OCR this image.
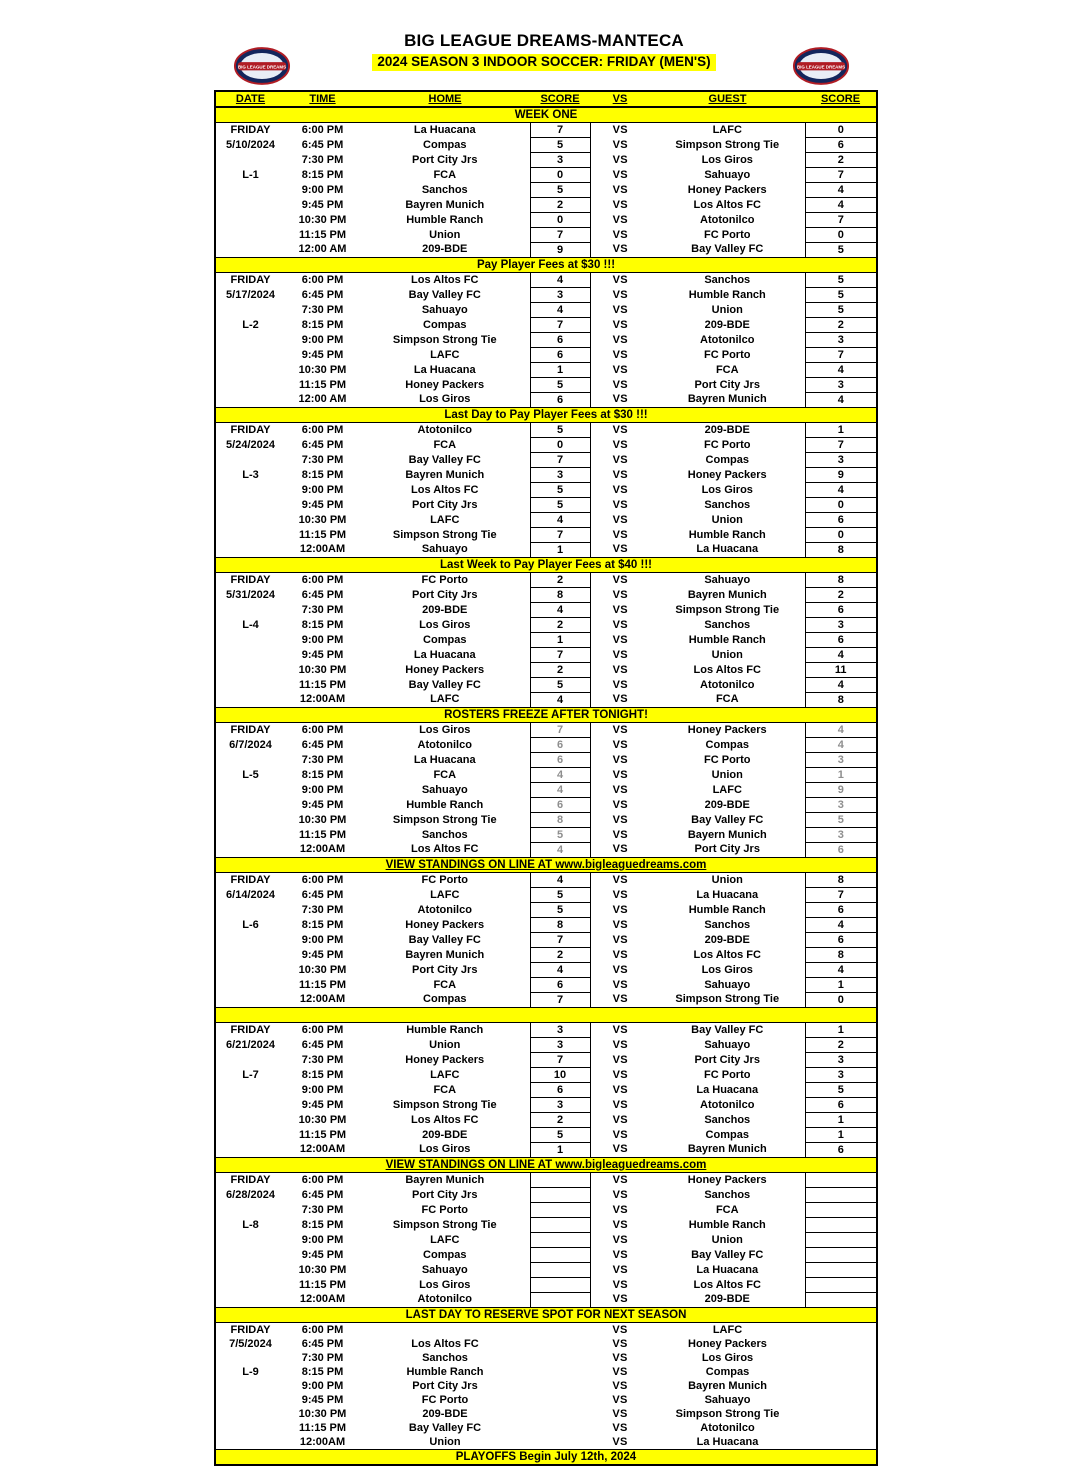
BIG LEAGUE DREAMS	BIG LEAGUE DREAMS
BIG LEAGUE DREAMS-MANTECA
2024 SEASON 3 INDOOR SOCCER: FRIDAY (MEN'S)
DATE	TIME	HOME	SCORE	VS	GUEST	SCORE
WEEK ONE						
FRIDAY	6:00 PM	La Huacana	7	VS	LAFC	0
5/10/2024	6:45 PM	Compas	5	VS	Simpson Strong Tie	6
	7:30 PM	Port City Jrs	3	VS	Los Giros	2
L-1	8:15 PM	FCA	0	VS	Sahuayo	7
	9:00 PM	Sanchos	5	VS	Honey Packers	4
	9:45 PM	Bayren Munich	2	VS	Los Altos FC	4
	10:30 PM	Humble Ranch	0	VS	Atotonilco	7
	11:15 PM	Union	7	VS	FC Porto	0
	12:00 AM	209-BDE	9	VS	Bay Valley FC	5
Pay Player Fees at $30 !!!						
FRIDAY	6:00 PM	Los Altos FC	4	VS	Sanchos	5
5/17/2024	6:45 PM	Bay Valley FC	3	VS	Humble Ranch	5
	7:30 PM	Sahuayo	4	VS	Union	5
L-2	8:15 PM	Compas	7	VS	209-BDE	2
	9:00 PM	Simpson Strong Tie	6	VS	Atotonilco	3
	9:45 PM	LAFC	6	VS	FC Porto	7
	10:30 PM	La Huacana	1	VS	FCA	4
	11:15 PM	Honey Packers	5	VS	Port City Jrs	3
	12:00 AM	Los Giros	6	VS	Bayren Munich	4
Last Day to Pay Player Fees at $30 !!!						
FRIDAY	6:00 PM	Atotonilco	5	VS	209-BDE	1
5/24/2024	6:45 PM	FCA	0	VS	FC Porto	7
	7:30 PM	Bay Valley FC	7	VS	Compas	3
L-3	8:15 PM	Bayren Munich	3	VS	Honey Packers	9
	9:00 PM	Los Altos FC	5	VS	Los Giros	4
	9:45 PM	Port City Jrs	5	VS	Sanchos	0
	10:30 PM	LAFC	4	VS	Union	6
	11:15 PM	Simpson Strong Tie	7	VS	Humble Ranch	0
	12:00AM	Sahuayo	1	VS	La Huacana	8
Last Week to Pay Player Fees at $40 !!!						
FRIDAY	6:00 PM	FC Porto	2	VS	Sahuayo	8
5/31/2024	6:45 PM	Port City Jrs	8	VS	Bayren Munich	2
	7:30 PM	209-BDE	4	VS	Simpson Strong Tie	6
L-4	8:15 PM	Los Giros	2	VS	Sanchos	3
	9:00 PM	Compas	1	VS	Humble Ranch	6
	9:45 PM	La Huacana	7	VS	Union	4
	10:30 PM	Honey Packers	2	VS	Los Altos FC	11
	11:15 PM	Bay Valley FC	5	VS	Atotonilco	4
	12:00AM	LAFC	4	VS	FCA	8
ROSTERS FREEZE AFTER TONIGHT!						
FRIDAY	6:00 PM	Los Giros	7	VS	Honey Packers	4
6/7/2024	6:45 PM	Atotonilco	6	VS	Compas	4
	7:30 PM	La Huacana	6	VS	FC Porto	3
L-5	8:15 PM	FCA	4	VS	Union	1
	9:00 PM	Sahuayo	4	VS	LAFC	9
	9:45 PM	Humble Ranch	6	VS	209-BDE	3
	10:30 PM	Simpson Strong Tie	8	VS	Bay Valley FC	5
	11:15 PM	Sanchos	5	VS	Bayern Munich	3
	12:00AM	Los Altos FC	4	VS	Port City Jrs	6
VIEW STANDINGS ON LINE AT www.bigleaguedreams.com						
FRIDAY	6:00 PM	FC Porto	4	VS	Union	8
6/14/2024	6:45 PM	LAFC	5	VS	La Huacana	7
	7:30 PM	Atotonilco	5	VS	Humble Ranch	6
L-6	8:15 PM	Honey Packers	8	VS	Sanchos	4
	9:00 PM	Bay Valley FC	7	VS	209-BDE	6
	9:45 PM	Bayren Munich	2	VS	Los Altos FC	8
	10:30 PM	Port City Jrs	4	VS	Los Giros	4
	11:15 PM	FCA	6	VS	Sahuayo	1
	12:00AM	Compas	7	VS	Simpson Strong Tie	0

FRIDAY	6:00 PM	Humble Ranch	3	VS	Bay Valley FC	1
6/21/2024	6:45 PM	Union	3	VS	Sahuayo	2
	7:30 PM	Honey Packers	7	VS	Port City Jrs	3
L-7	8:15 PM	LAFC	10	VS	FC Porto	3
	9:00 PM	FCA	6	VS	La Huacana	5
	9:45 PM	Simpson Strong Tie	3	VS	Atotonilco	6
	10:30 PM	Los Altos FC	2	VS	Sanchos	1
	11:15 PM	209-BDE	5	VS	Compas	1
	12:00AM	Los Giros	1	VS	Bayren Munich	6
VIEW STANDINGS ON LINE AT www.bigleaguedreams.com						
FRIDAY	6:00 PM	Bayren Munich		VS	Honey Packers	
6/28/2024	6:45 PM	Port City Jrs		VS	Sanchos	
	7:30 PM	FC Porto		VS	FCA	
L-8	8:15 PM	Simpson Strong Tie		VS	Humble Ranch	
	9:00 PM	LAFC		VS	Union	
	9:45 PM	Compas		VS	Bay Valley FC	
	10:30 PM	Sahuayo		VS	La Huacana	
	11:15 PM	Los Giros		VS	Los Altos FC	
	12:00AM	Atotonilco		VS	209-BDE	
LAST DAY TO RESERVE SPOT FOR NEXT SEASON						
FRIDAY	6:00 PM			VS	LAFC	
7/5/2024	6:45 PM	Los Altos FC		VS	Honey Packers	
	7:30 PM	Sanchos		VS	Los Giros	
L-9	8:15 PM	Humble Ranch		VS	Compas	
	9:00 PM	Port City Jrs		VS	Bayren Munich	
	9:45 PM	FC Porto		VS	Sahuayo	
	10:30 PM	209-BDE		VS	Simpson Strong Tie	
	11:15 PM	Bay Valley FC		VS	Atotonilco	
	12:00AM	Union		VS	La Huacana	
PLAYOFFS Begin July 12th, 2024						
